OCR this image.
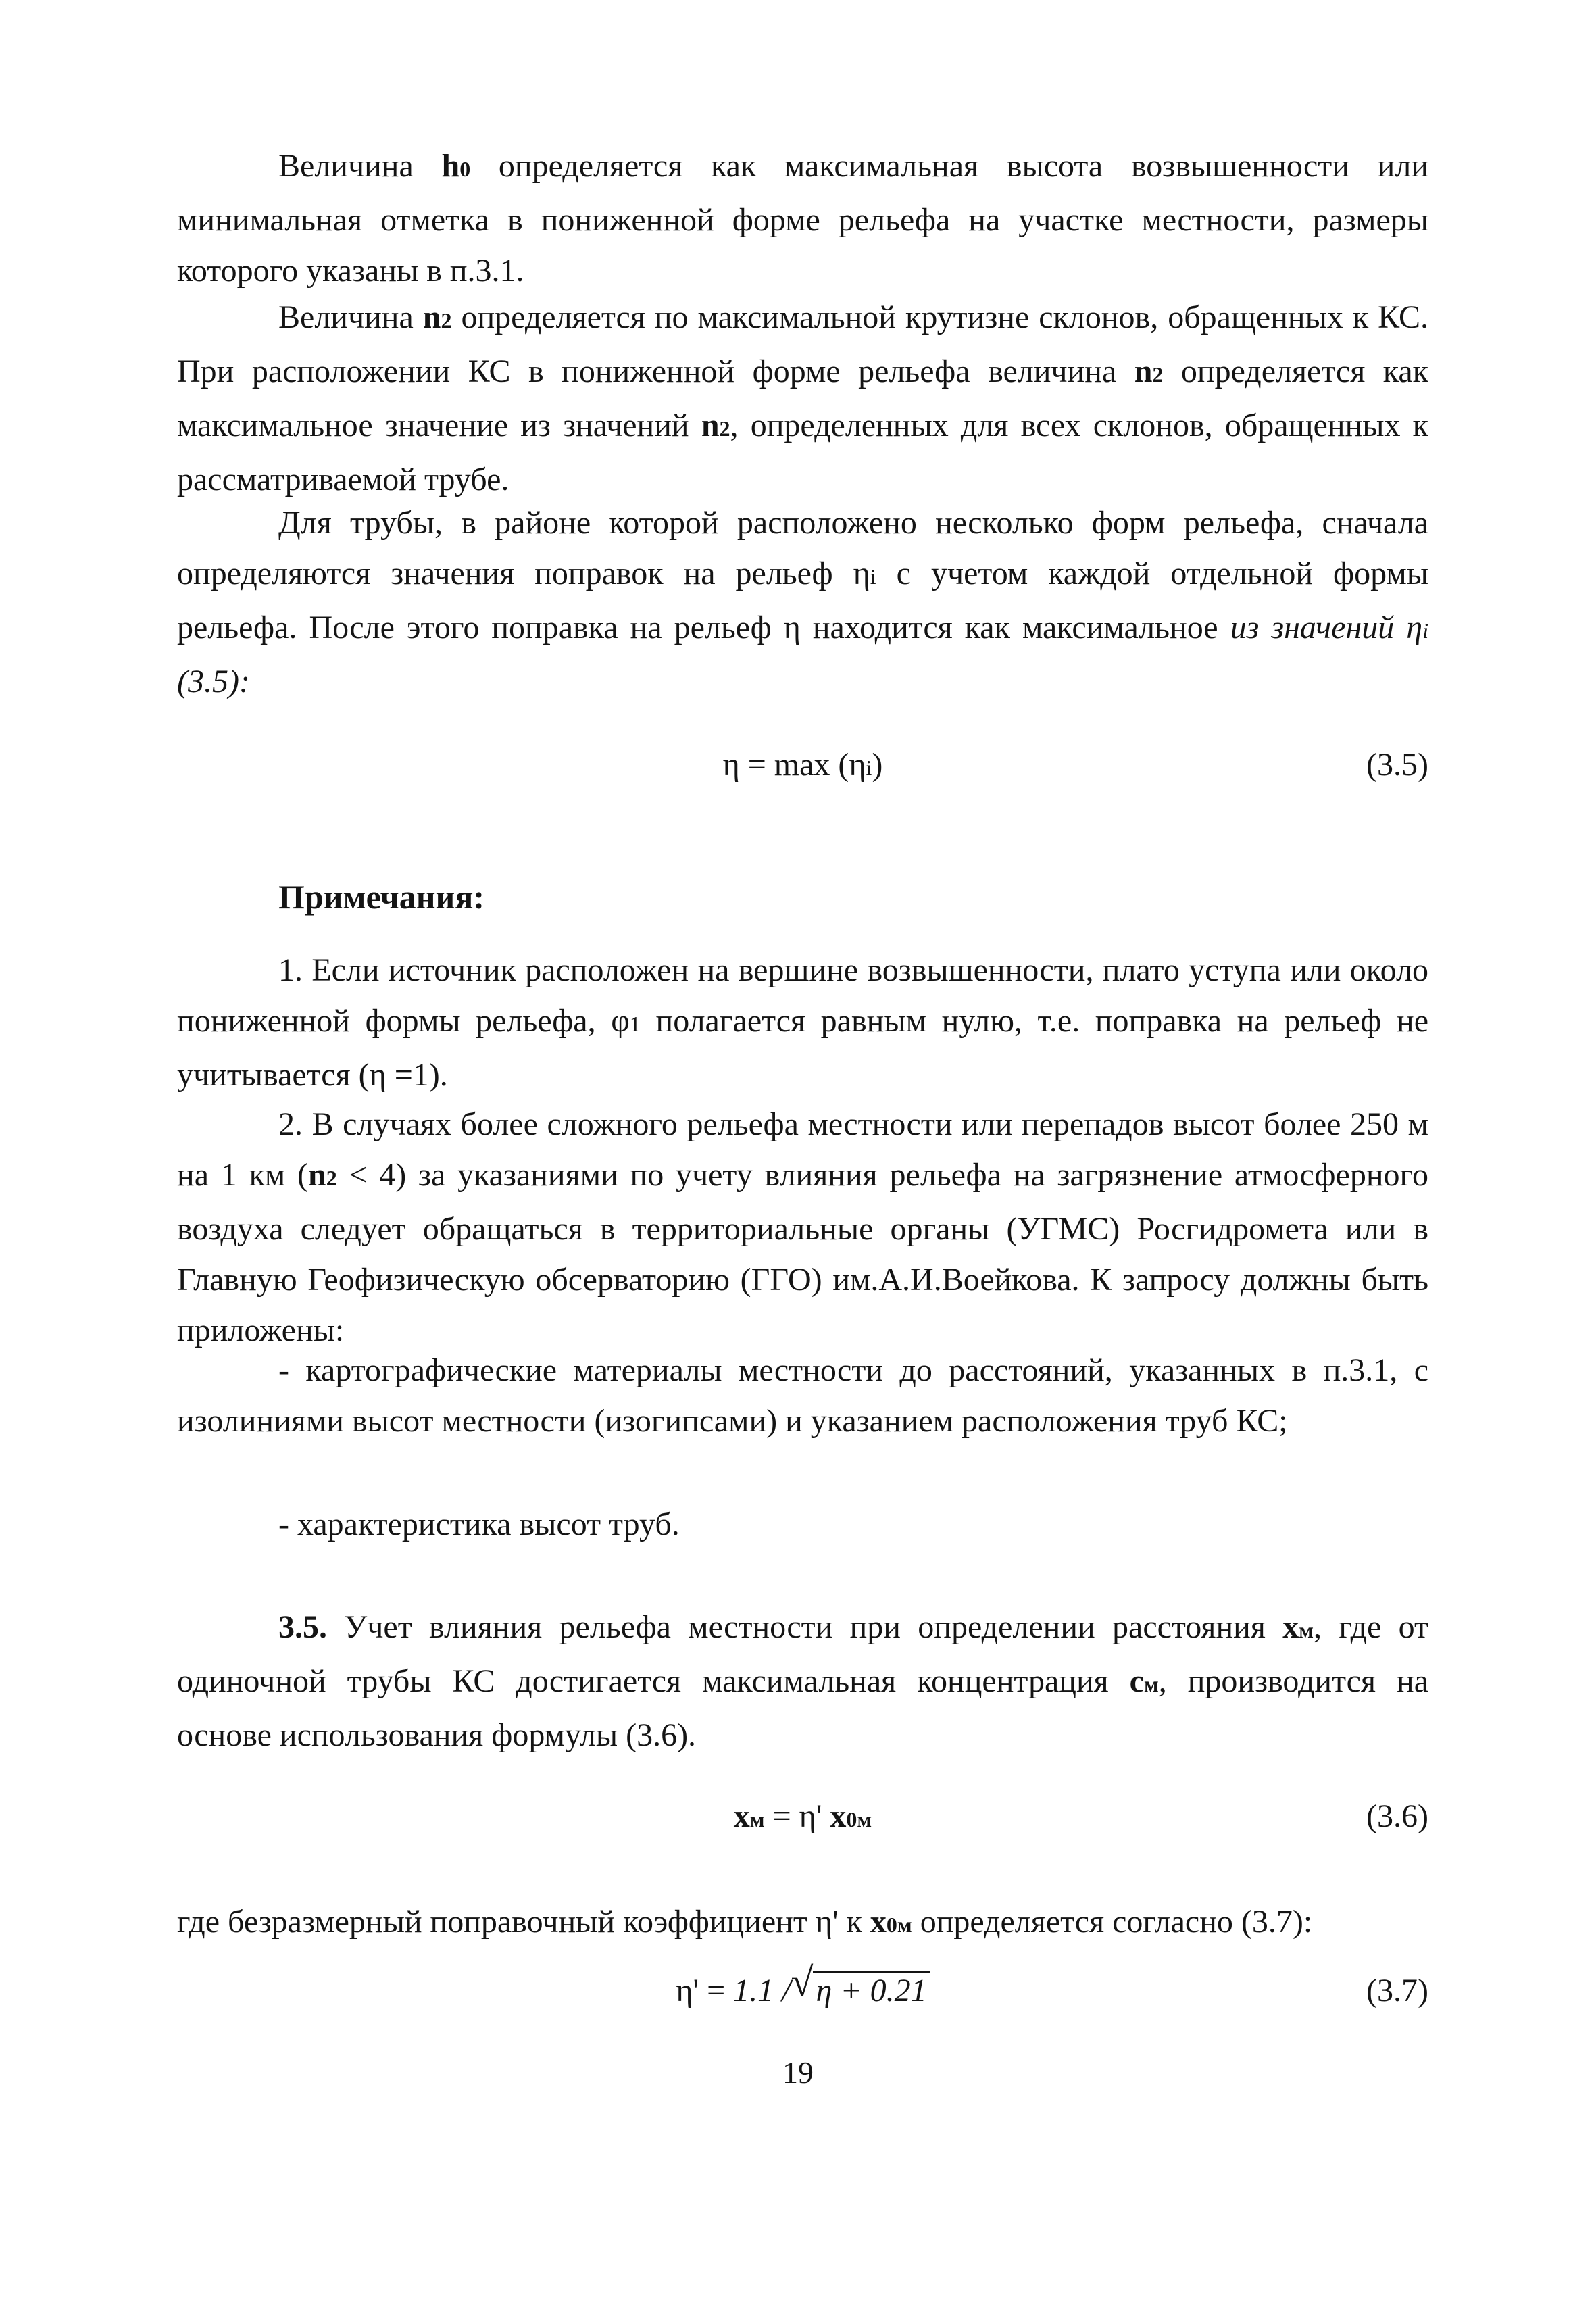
Величина h0 определяется как максимальная высота возвышенности или минимальная отметка в пониженной форме рельефа на участке местности, размеры которого указаны в п.3.1.

Величина n2 определяется по максимальной крутизне склонов, обращенных к КС. При расположении КС в пониженной форме рельефа величина n2 определяется как максимальное значение из значений n2, определенных для всех склонов, обращенных к рассматриваемой трубе.

Для трубы, в районе которой расположено несколько форм рельефа, сначала определяются значения поправок на рельеф ηi с учетом каждой отдельной формы рельефа. После этого поправка на рельеф η находится как максимальное из значений ηi (3.5):

η = max (ηi)	(3.5)
Примечания:

1. Если источник расположен на вершине возвышенности, плато уступа или около пониженной формы рельефа, φ1 полагается равным нулю, т.е. поправка на рельеф не учитывается (η =1).

2. В случаях более сложного рельефа местности или перепадов высот более 250 м на 1 км (n2 < 4) за указаниями по учету влияния рельефа на загрязнение атмосферного воздуха следует обращаться в территориальные органы (УГМС) Росгидромета или в Главную Геофизическую обсерваторию (ГГО) им.А.И.Воейкова. К запросу должны быть приложены:

- картографические материалы местности до расстояний, указанных в п.3.1, с изолиниями высот местности (изогипсами) и указанием расположения труб КС;

- характеристика высот труб.

3.5. Учет влияния рельефа местности при определении расстояния xм, где от одиночной трубы КС достигается максимальная концентрация cм, производится на основе использования формулы (3.6).

xм = η' x0м	(3.6)

где безразмерный поправочный коэффициент η' к x0м определяется согласно (3.7):

η' = 1.1 /√η + 0.21	(3.7)
19
